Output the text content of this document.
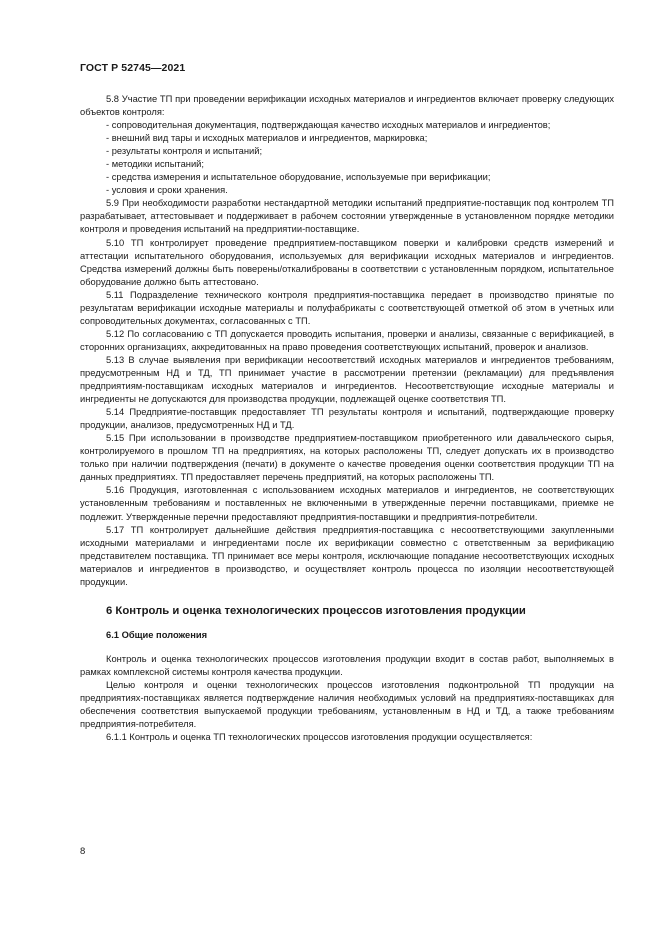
ГОСТ Р 52745—2021

5.8 Участие ТП при проведении верификации исходных материалов и ингредиентов включает проверку следующих объектов контроля:

- сопроводительная документация, подтверждающая качество исходных материалов и ингредиентов;

- внешний вид тары и исходных материалов и ингредиентов, маркировка;

- результаты контроля и испытаний;

- методики испытаний;

- средства измерения и испытательное оборудование, используемые при верификации;

- условия и сроки хранения.

5.9 При необходимости разработки нестандартной методики испытаний предприятие-поставщик под контролем ТП разрабатывает, аттестовывает и поддерживает в рабочем состоянии утвержденные в установленном порядке методики контроля и проведения испытаний на предприятии-поставщике.

5.10 ТП контролирует проведение предприятием-поставщиком поверки и калибровки средств измерений и аттестации испытательного оборудования, используемых для верификации исходных материалов и ингредиентов. Средства измерений должны быть поверены/откалиброваны в соответствии с установленным порядком, испытательное оборудование должно быть аттестовано.

5.11 Подразделение технического контроля предприятия-поставщика передает в производство принятые по результатам верификации исходные материалы и полуфабрикаты с соответствующей отметкой об этом в учетных или сопроводительных документах, согласованных с ТП.

5.12 По согласованию с ТП допускается проводить испытания, проверки и анализы, связанные с верификацией, в сторонних организациях, аккредитованных на право проведения соответствующих испытаний, проверок и анализов.

5.13 В случае выявления при верификации несоответствий исходных материалов и ингредиентов требованиям, предусмотренным НД и ТД, ТП принимает участие в рассмотрении претензии (рекламации) для предъявления предприятиям-поставщикам исходных материалов и ингредиентов. Несоответствующие исходные материалы и ингредиенты не допускаются для производства продукции, подлежащей оценке соответствия ТП.

5.14 Предприятие-поставщик предоставляет ТП результаты контроля и испытаний, подтверждающие проверку продукции, анализов, предусмотренных НД и ТД.

5.15 При использовании в производстве предприятием-поставщиком приобретенного или давальческого сырья, контролируемого в прошлом ТП на предприятиях, на которых расположены ТП, следует допускать их в производство только при наличии подтверждения (печати) в документе о качестве проведения оценки соответствия продукции ТП на данных предприятиях. ТП предоставляет перечень предприятий, на которых расположены ТП.

5.16 Продукция, изготовленная с использованием исходных материалов и ингредиентов, не соответствующих установленным требованиям и поставленных не включенными в утвержденные перечни поставщиками, приемке не подлежит. Утвержденные перечни предоставляют предприятия-поставщики и предприятия-потребители.

5.17 ТП контролирует дальнейшие действия предприятия-поставщика с несоответствующими закупленными исходными материалами и ингредиентами после их верификации совместно с ответственным за верификацию представителем поставщика. ТП принимает все меры контроля, исключающие попадание несоответствующих исходных материалов и ингредиентов в производство, и осуществляет контроль процесса по изоляции несоответствующей продукции.

6 Контроль и оценка технологических процессов изготовления продукции

6.1 Общие положения

Контроль и оценка технологических процессов изготовления продукции входит в состав работ, выполняемых в рамках комплексной системы контроля качества продукции.

Целью контроля и оценки технологических процессов изготовления подконтрольной ТП продукции на предприятиях-поставщиках является подтверждение наличия необходимых условий на предприятиях-поставщиках для обеспечения соответствия выпускаемой продукции требованиям, установленным в НД и ТД, а также требованиям предприятия-потребителя.

6.1.1 Контроль и оценка ТП технологических процессов изготовления продукции осуществляется:

8
